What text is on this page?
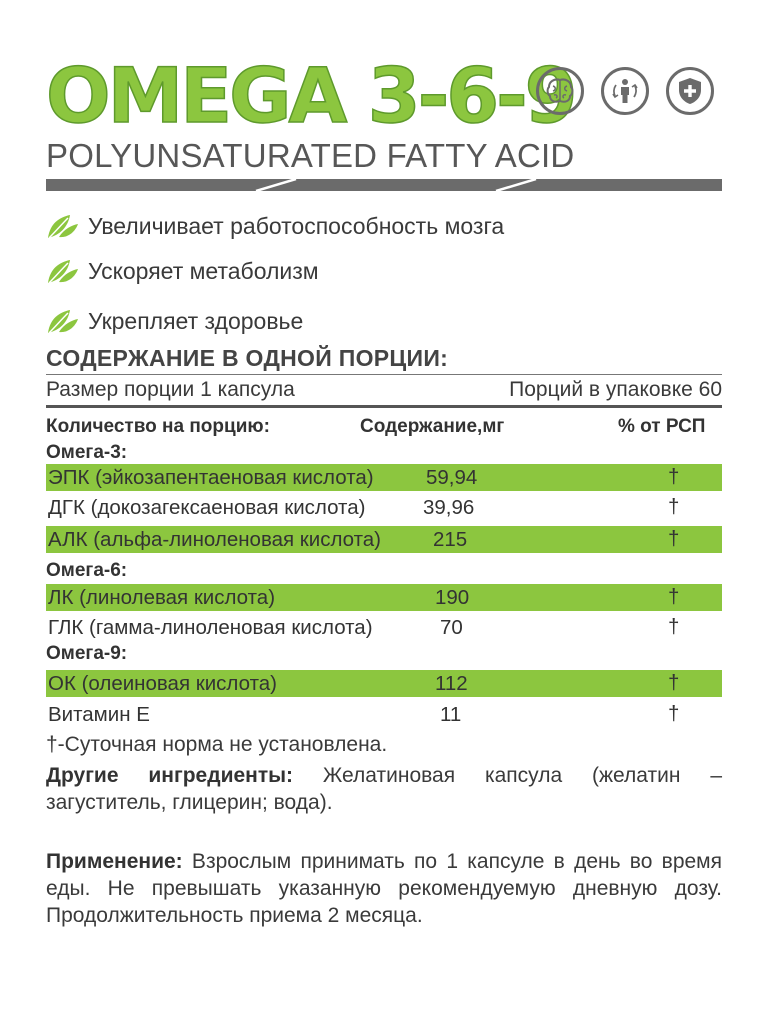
OMEGA 3-6-9
POLYUNSATURATED FATTY ACID
Увеличивает работоспособность мозга
Ускоряет метаболизм
Укрепляет здоровье
СОДЕРЖАНИЕ В ОДНОЙ ПОРЦИИ:
Размер порции 1 капсула	Порций в упаковке 60
Количество на порцию:	Содержание,мг	% от РСП
Омега-3:
ЭПК (эйкозапентаеновая кислота)	59,94	†
ДГК (докозагексаеновая кислота)	39,96	†
АЛК (альфа-линоленовая кислота)	215	†
Омега-6:
ЛК (линолевая кислота)	190	†
ГЛК (гамма-линоленовая кислота)	70	†
Омега-9:
ОК (олеиновая кислота)	112	†
Витамин Е	11	†
†-Суточная норма не установлена.
Другие ингредиенты: Желатиновая капсула (желатин – загуститель, глицерин; вода).
Применение: Взрослым принимать по 1 капсуле в день во время еды. Не превышать указанную рекомендуемую дневную дозу. Продолжительность приема 2 месяца.
